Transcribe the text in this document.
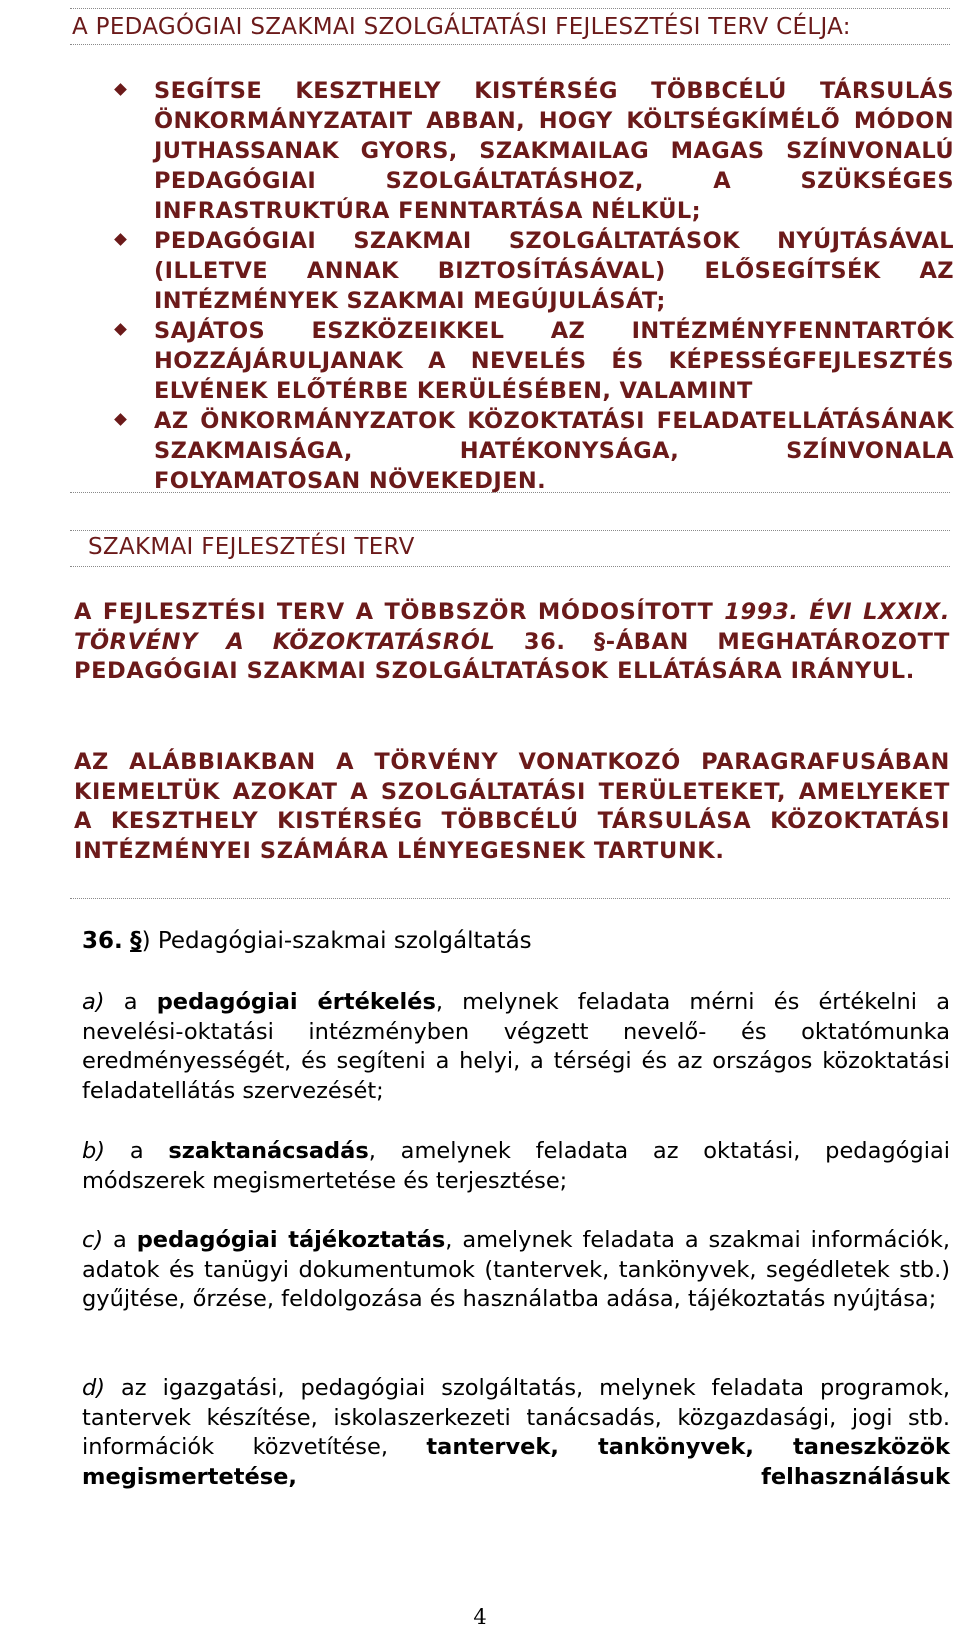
A PEDAGÓGIAI SZAKMAI SZOLGÁLTATÁSI FEJLESZTÉSI TERV CÉLJA:
SEGÍTSE KESZTHELY KISTÉRSÉG TÖBBCÉLÚ TÁRSULÁS ÖNKORMÁNYZATAIT ABBAN, HOGY KÖLTSÉGKÍMÉLŐ MÓDON JUTHASSANAK GYORS, SZAKMAILAG MAGAS SZÍNVONALÚ PEDAGÓGIAI SZOLGÁLTATÁSHOZ, A SZÜKSÉGES INFRASTRUKTÚRA FENNTARTÁSA NÉLKÜL;
PEDAGÓGIAI SZAKMAI SZOLGÁLTATÁSOK NYÚJTÁSÁVAL (ILLETVE ANNAK BIZTOSÍTÁSÁVAL) ELŐSEGÍTSÉK AZ INTÉZMÉNYEK SZAKMAI MEGÚJULÁSÁT;
SAJÁTOS ESZKÖZEIKKEL AZ INTÉZMÉNYFENNTARTÓK HOZZÁJÁRULJANAK A NEVELÉS ÉS KÉPESSÉGFEJLESZTÉS ELVÉNEK ELŐTÉRBE KERÜLÉSÉBEN, VALAMINT
AZ ÖNKORMÁNYZATOK KÖZOKTATÁSI FELADATELLÁTÁSÁNAK SZAKMAISÁGA, HATÉKONYSÁGA, SZÍNVONALA FOLYAMATOSAN NÖVEKEDJEN.
SZAKMAI FEJLESZTÉSI TERV
A FEJLESZTÉSI TERV A TÖBBSZÖR MÓDOSÍTOTT 1993. ÉVI LXXIX. TÖRVÉNY A KÖZOKTATÁSRÓL 36. §-ÁBAN MEGHATÁROZOTT PEDAGÓGIAI SZAKMAI SZOLGÁLTATÁSOK ELLÁTÁSÁRA IRÁNYUL.
AZ ALÁBBIAKBAN A TÖRVÉNY VONATKOZÓ PARAGRAFUSÁBAN KIEMELTÜK AZOKAT A SZOLGÁLTATÁSI TERÜLETEKET, AMELYEKET A KESZTHELY KISTÉRSÉG TÖBBCÉLÚ TÁRSULÁSA KÖZOKTATÁSI INTÉZMÉNYEI SZÁMÁRA LÉNYEGESNEK TARTUNK.
36. §) Pedagógiai-szakmai szolgáltatás
a) a pedagógiai értékelés, melynek feladata mérni és értékelni a nevelési-oktatási intézményben végzett nevelő- és oktatómunka eredményességét, és segíteni a helyi, a térségi és az országos közoktatási feladatellátás szervezését;
b) a szaktanácsadás, amelynek feladata az oktatási, pedagógiai módszerek megismertetése és terjesztése;
c) a pedagógiai tájékoztatás, amelynek feladata a szakmai információk, adatok és tanügyi dokumentumok (tantervek, tankönyvek, segédletek stb.) gyűjtése, őrzése, feldolgozása és használatba adása, tájékoztatás nyújtása;
d) az igazgatási, pedagógiai szolgáltatás, melynek feladata programok, tantervek készítése, iskolaszerkezeti tanácsadás, közgazdasági, jogi stb. információk közvetítése, tantervek, tankönyvek, taneszközök megismertetése, felhasználásuk
4
